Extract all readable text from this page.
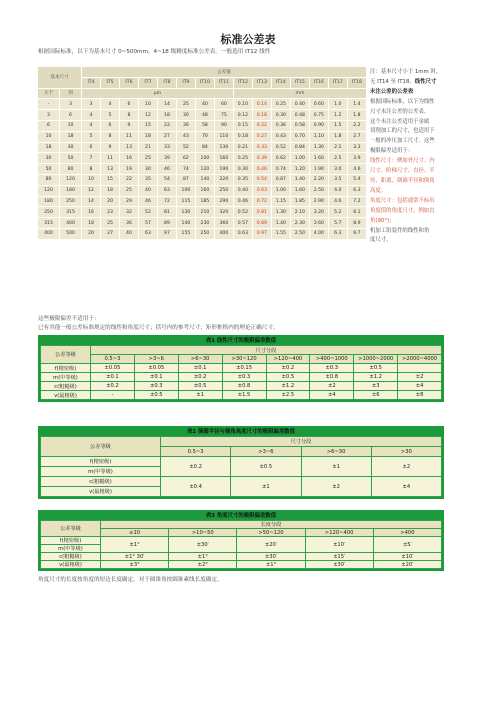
标准公差表
根据国际标准，以下为基本尺寸 0~500mm，4~18 级精度标准公差表。一般选用 IT12 线性
基本尺寸		公差值														
		IT4	IT5	IT6	IT7	IT8	IT9	IT10	IT11	IT12	IT13	IT14	IT15	IT16	IT17	IT18
大于	到	μm								mm						
-	3	3	4	6	10	14	25	40	60	0.10	0.14	0.25	0.40	0.60	1.0	1.4
3	6	4	5	8	12	18	30	48	75	0.12	0.18	0.30	0.48	0.75	1.2	1.8
6	10	4	6	9	15	22	36	58	90	0.15	0.22	0.36	0.58	0.90	1.5	2.2
10	18	5	8	11	18	27	43	70	110	0.18	0.27	0.43	0.70	1.10	1.8	2.7
18	30	6	9	13	21	33	52	84	130	0.21	0.33	0.52	0.84	1.30	2.1	3.3
30	50	7	11	16	25	39	62	100	160	0.25	0.39	0.62	1.00	1.60	2.5	3.9
50	80	8	13	19	30	46	74	120	190	0.30	0.46	0.74	1.20	1.90	3.0	4.6
80	120	10	15	22	35	54	87	140	220	0.35	0.54	0.87	1.40	2.20	3.5	5.4
120	180	12	18	25	40	63	100	160	250	0.40	0.63	1.00	1.60	2.50	4.0	6.3
180	250	14	20	29	46	72	115	185	290	0.46	0.72	1.15	1.85	2.90	4.6	7.2
250	315	16	23	32	52	81	130	210	320	0.52	0.81	1.30	2.10	3.20	5.2	8.1
315	400	18	25	36	57	89	140	230	360	0.57	0.89	1.40	2.30	3.60	5.7	8.9
400	500	20	27	40	63	97	155	250	400	0.63	0.97	1.55	2.50	4.00	6.3	9.7
注：基本尺寸小于 1mm 时，
无 IT14 至 IT18。线性尺寸
未注公差的公差表
根据国际标准，以下为线性
尺寸未注公差的公差表。
这个未注公差适用于金属
切削加工的尺寸，也适用于
一般的冲压加工尺寸。这些
极限偏差适用于：
线性尺寸：例如外尺寸、内
尺寸、阶梯尺寸、直径、半
径、距离、倒圆半径和倒角
高度；
角度尺寸：包括通常不标出
角度值的角度尺寸，例如直
角(90°)；
机加工组装件的线性和角
度尺寸。
这些极限偏差不适用于：
已有其他一般公差标准规定的线性和角度尺寸；括号内的参考尺寸；矩形框格内的理论正确尺寸。
表1 线性尺寸的极限偏差数值
公差等级	尺寸分段							
	0.5~3	>3~6	>6~30	>30~120	>120~400	>400~1000	>1000~2000	>2000~4000
f(精密级)	±0.05	±0.05	±0.1	±0.15	±0.2	±0.3	±0.5	
m(中等级)	±0.1	±0.1	±0.2	±0.3	±0.5	±0.8	±1.2	±2
c(粗糙级)	±0.2	±0.3	±0.5	±0.8	±1.2	±2	±3	±4
v(最粗级)	-	±0.5	±1	±1.5	±2.5	±4	±6	±8
表2 倒圆半径与倒角高度尺寸的极限偏差数值
公差等级	尺寸分段			
	0.5~3	>3~6	>6~30	>30
f(精密级)	±0.2	±0.5	±1	±2
m(中等级)				
c(粗糙级)	±0.4	±1	±2	±4
v(最粗级)				
表3 角度尺寸的极限偏差数值
公差等级	长度分段				
	≤10	>10~50	>50~120	>120~400	>400
f(精密级)	±1°	±30′	±20′	±10′	±5′
m(中等级)					
c(粗糙级)	±1° 30′	±1°	±30′	±15′	±10′
v(最粗级)	±3°	±2°	±1°	±30′	±20′
角度尺寸的长度按角度的短边长度确定，对于圆锥角按圆锥素线长度确定。
